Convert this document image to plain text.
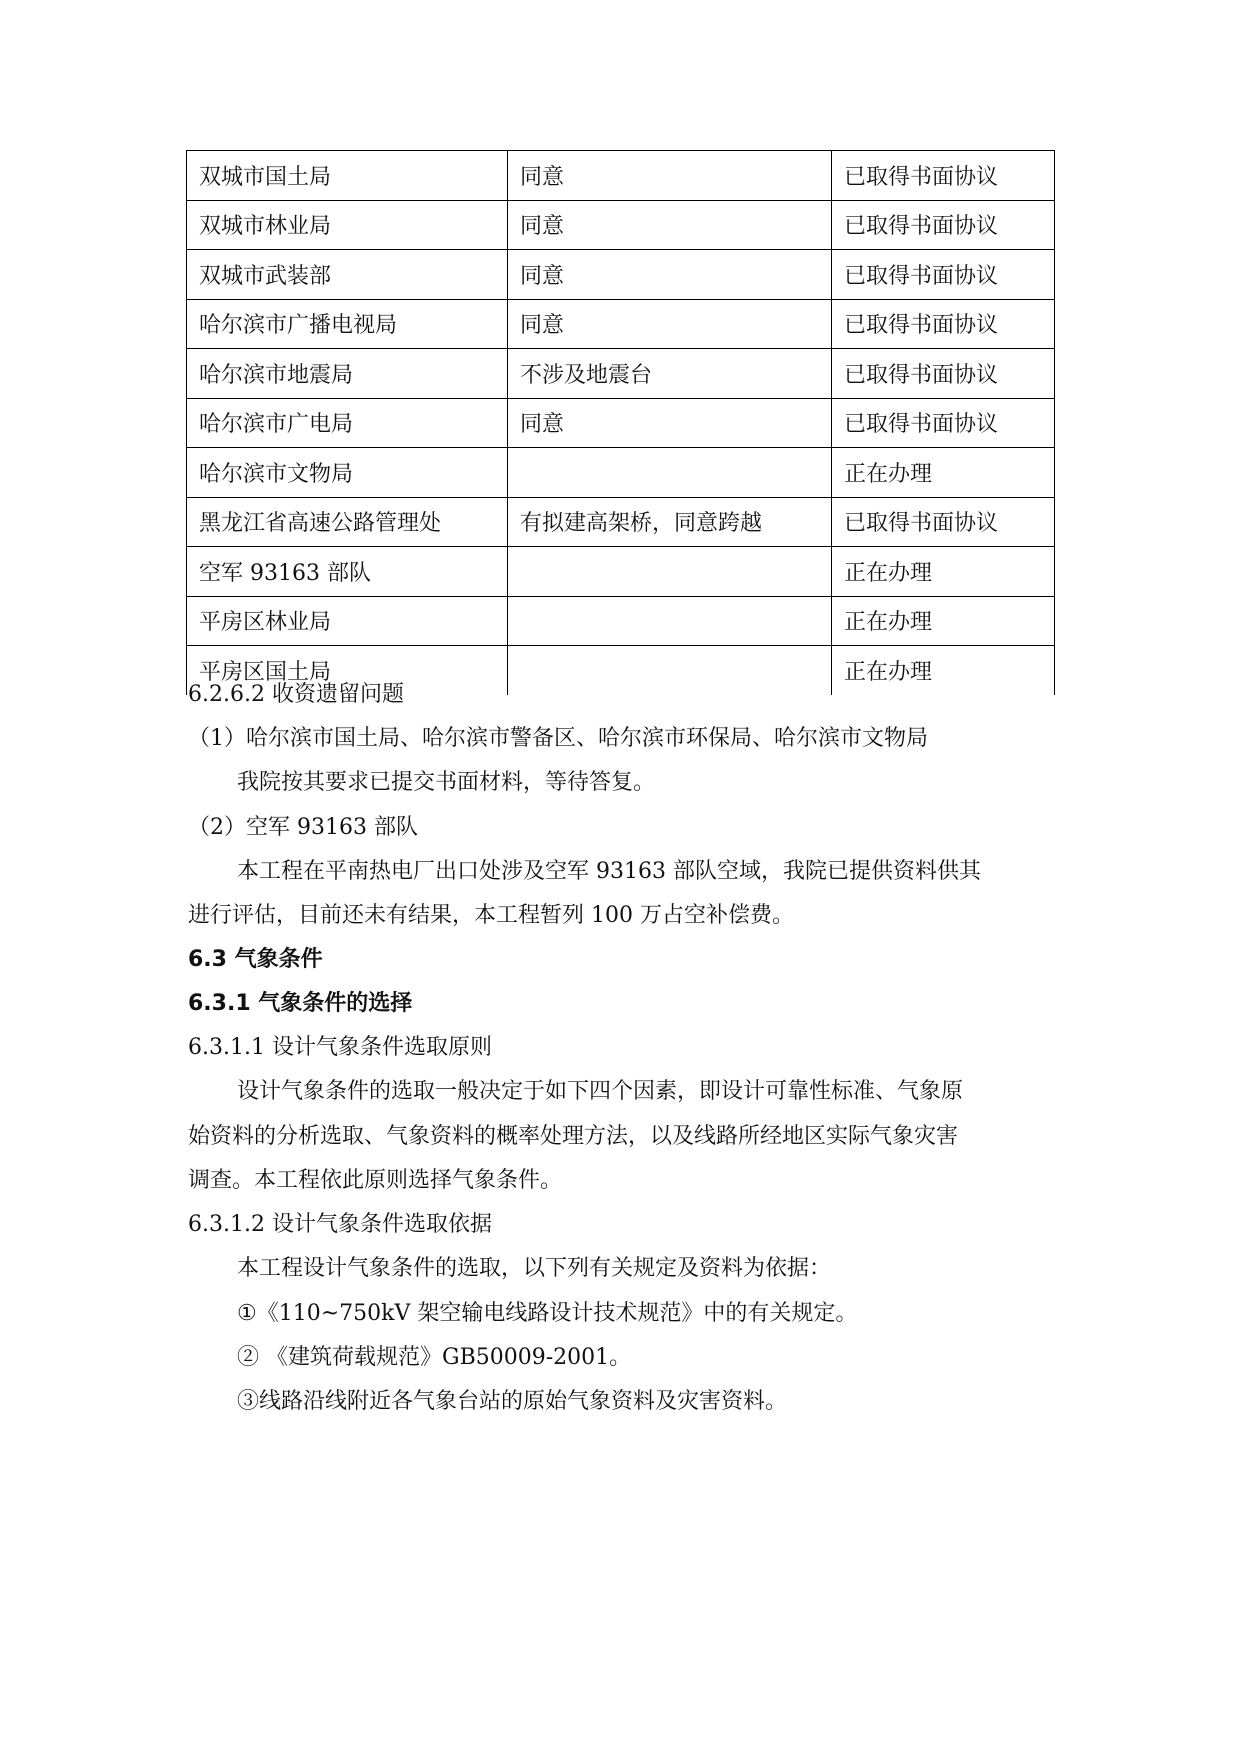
双城市国土局	同意	已取得书面协议
双城市林业局	同意	已取得书面协议
双城市武装部	同意	已取得书面协议
哈尔滨市广播电视局	同意	已取得书面协议
哈尔滨市地震局	不涉及地震台	已取得书面协议
哈尔滨市广电局	同意	已取得书面协议
哈尔滨市文物局		正在办理
黑龙江省高速公路管理处	有拟建高架桥，同意跨越	已取得书面协议
空军 93163 部队		正在办理
平房区林业局		正在办理
平房区国土局		正在办理
6.2.6.2 收资遗留问题
（1）哈尔滨市国土局、哈尔滨市警备区、哈尔滨市环保局、哈尔滨市文物局
我院按其要求已提交书面材料，等待答复。
（2）空军 93163 部队
本工程在平南热电厂出口处涉及空军 93163 部队空域，我院已提供资料供其
进行评估，目前还未有结果，本工程暂列 100 万占空补偿费。
6.3 气象条件
6.3.1 气象条件的选择
6.3.1.1 设计气象条件选取原则
设计气象条件的选取一般决定于如下四个因素，即设计可靠性标准、气象原
始资料的分析选取、气象资料的概率处理方法，以及线路所经地区实际气象灾害
调查。本工程依此原则选择气象条件。
6.3.1.2 设计气象条件选取依据
本工程设计气象条件的选取，以下列有关规定及资料为依据：
①《110~750kV 架空输电线路设计技术规范》中的有关规定。
② 《建筑荷载规范》GB50009-2001。
③线路沿线附近各气象台站的原始气象资料及灾害资料。
